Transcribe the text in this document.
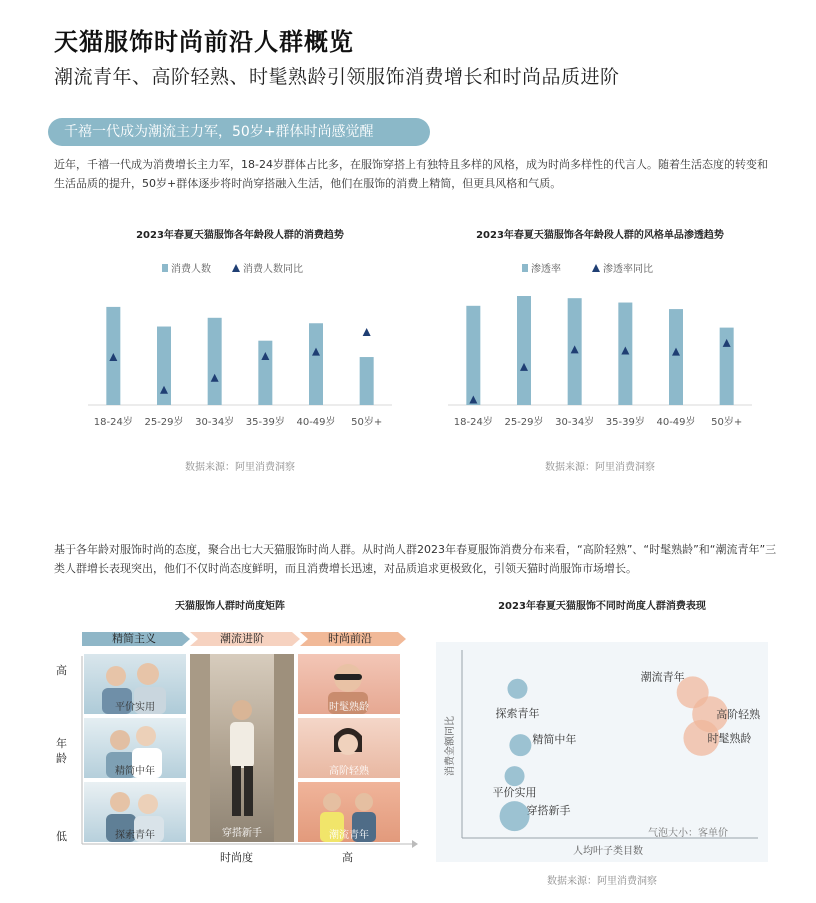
天猫服饰时尚前沿人群概览
潮流青年、高阶轻熟、时髦熟龄引领服饰消费增长和时尚品质进阶
千禧一代成为潮流主力军，50岁+群体时尚感觉醒
近年，千禧一代成为消费增长主力军，18-24岁群体占比多，在服饰穿搭上有独特且多样的风格，成为时尚多样性的代言人。随着生活态度的转变和生活品质的提升，50岁+群体逐步将时尚穿搭融入生活，他们在服饰的消费上精简，但更具风格和气质。
2023年春夏天猫服饰各年龄段人群的消费趋势
消费人数	消费人数同比
18-24岁 25-29岁 30-34岁 35-39岁 40-49岁 50岁+
数据来源：阿里消费洞察
2023年春夏天猫服饰各年龄段人群的风格单品渗透趋势
渗透率	渗透率同比
18-24岁 25-29岁 30-34岁 35-39岁 40-49岁 50岁+
数据来源：阿里消费洞察
基于各年龄对服饰时尚的态度，聚合出七大天猫服饰时尚人群。从时尚人群2023年春夏服饰消费分布来看，“高阶轻熟”、“时髦熟龄”和“潮流青年”三类人群增长表现突出，他们不仅时尚态度鲜明，而且消费增长迅速，对品质追求更极致化，引领天猫时尚服饰市场增长。
天猫服饰人群时尚度矩阵
精简主义	潮流进阶	时尚前沿
高
年龄
低
时尚度	高
平价实用
精简中年
探索青年	穿搭新手
时髦熟龄
高阶轻熟
潮流青年
2023年春夏天猫服饰不同时尚度人群消费表现
人均叶子类目数
消费金额同比
气泡大小：客单价
探索青年
精简中年
平价实用
穿搭新手
潮流青年
高阶轻熟
时髦熟龄
数据来源：阿里消费洞察
